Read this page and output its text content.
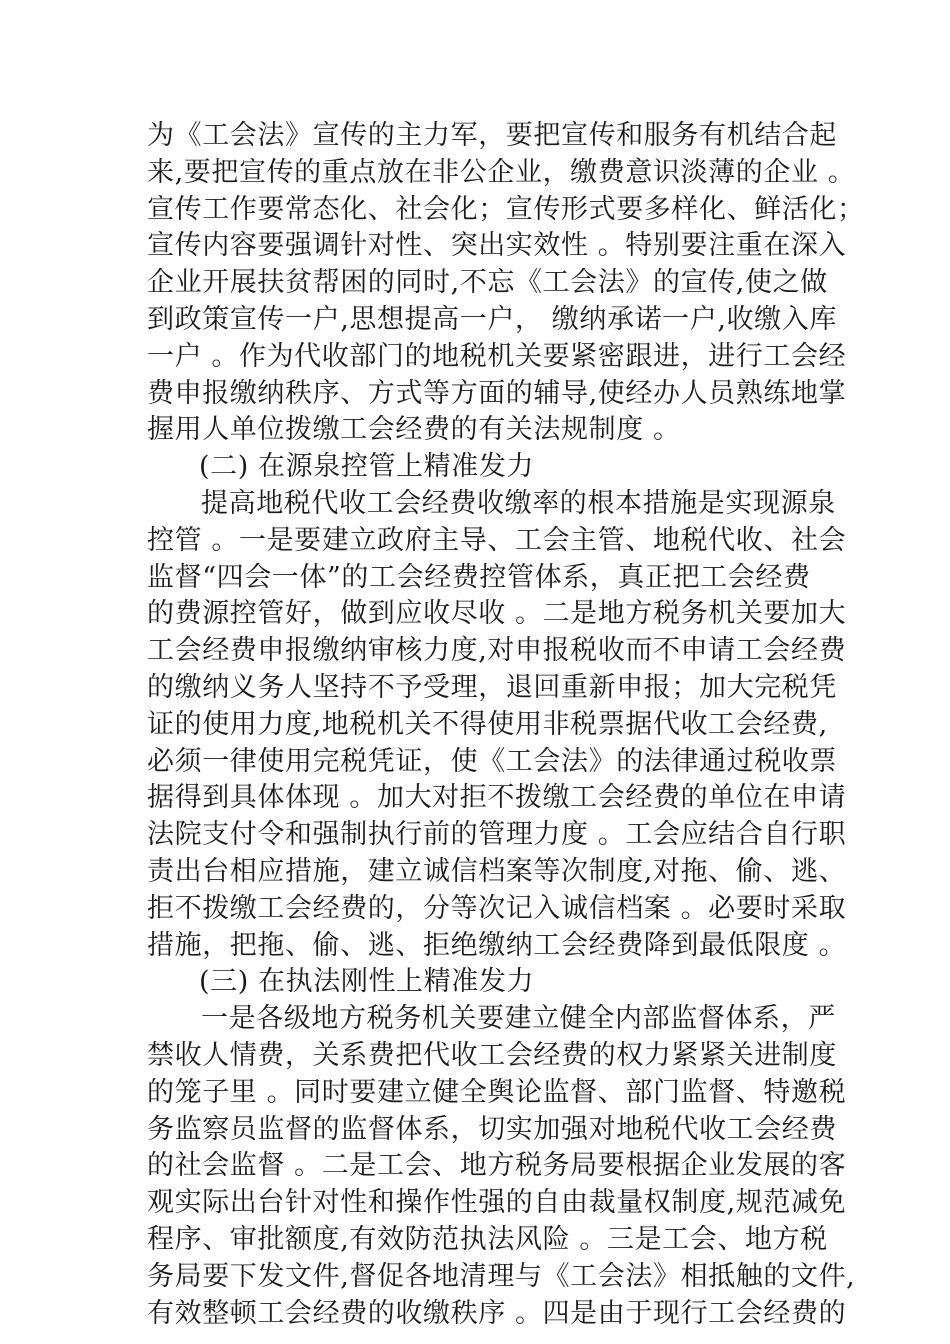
为《工会法》宣传的主力军，要把宣传和服务有机结合起
来,要把宣传的重点放在非公企业，缴费意识淡薄的企业 。
宣传工作要常态化、社会化；宣传形式要多样化、鲜活化；
宣传内容要强调针对性、突出实效性 。特别要注重在深入
企业开展扶贫帮困的同时,不忘《工会法》的宣传,使之做
到政策宣传一户,思想提高一户， 缴纳承诺一户,收缴入库
一户 。作为代收部门的地税机关要紧密跟进，进行工会经
费申报缴纳秩序、方式等方面的辅导,使经办人员熟练地掌
握用人单位拨缴工会经费的有关法规制度 。
(二) 在源泉控管上精准发力
提高地税代收工会经费收缴率的根本措施是实现源泉
控管 。一是要建立政府主导、工会主管、地税代收、社会
监督“四会一体”的工会经费控管体系，真正把工会经费
的费源控管好，做到应收尽收 。二是地方税务机关要加大
工会经费申报缴纳审核力度,对申报税收而不申请工会经费
的缴纳义务人坚持不予受理，退回重新申报；加大完税凭
证的使用力度,地税机关不得使用非税票据代收工会经费,
必须一律使用完税凭证，使《工会法》的法律通过税收票
据得到具体体现 。加大对拒不拨缴工会经费的单位在申请
法院支付令和强制执行前的管理力度 。工会应结合自行职
责出台相应措施，建立诚信档案等次制度,对拖、偷、逃、
拒不拨缴工会经费的，分等次记入诚信档案 。必要时采取
措施，把拖、偷、逃、拒绝缴纳工会经费降到最低限度 。
(三) 在执法刚性上精准发力
一是各级地方税务机关要建立健全内部监督体系，严
禁收人情费，关系费把代收工会经费的权力紧紧关进制度
的笼子里 。同时要建立健全舆论监督、部门监督、特邀税
务监察员监督的监督体系，切实加强对地税代收工会经费
的社会监督 。二是工会、地方税务局要根据企业发展的客
观实际出台针对性和操作性强的自由裁量权制度,规范减免
程序、审批额度,有效防范执法风险 。三是工会、地方税
务局要下发文件,督促各地清理与《工会法》相抵触的文件,
有效整顿工会经费的收缴秩序 。四是由于现行工会经费的
